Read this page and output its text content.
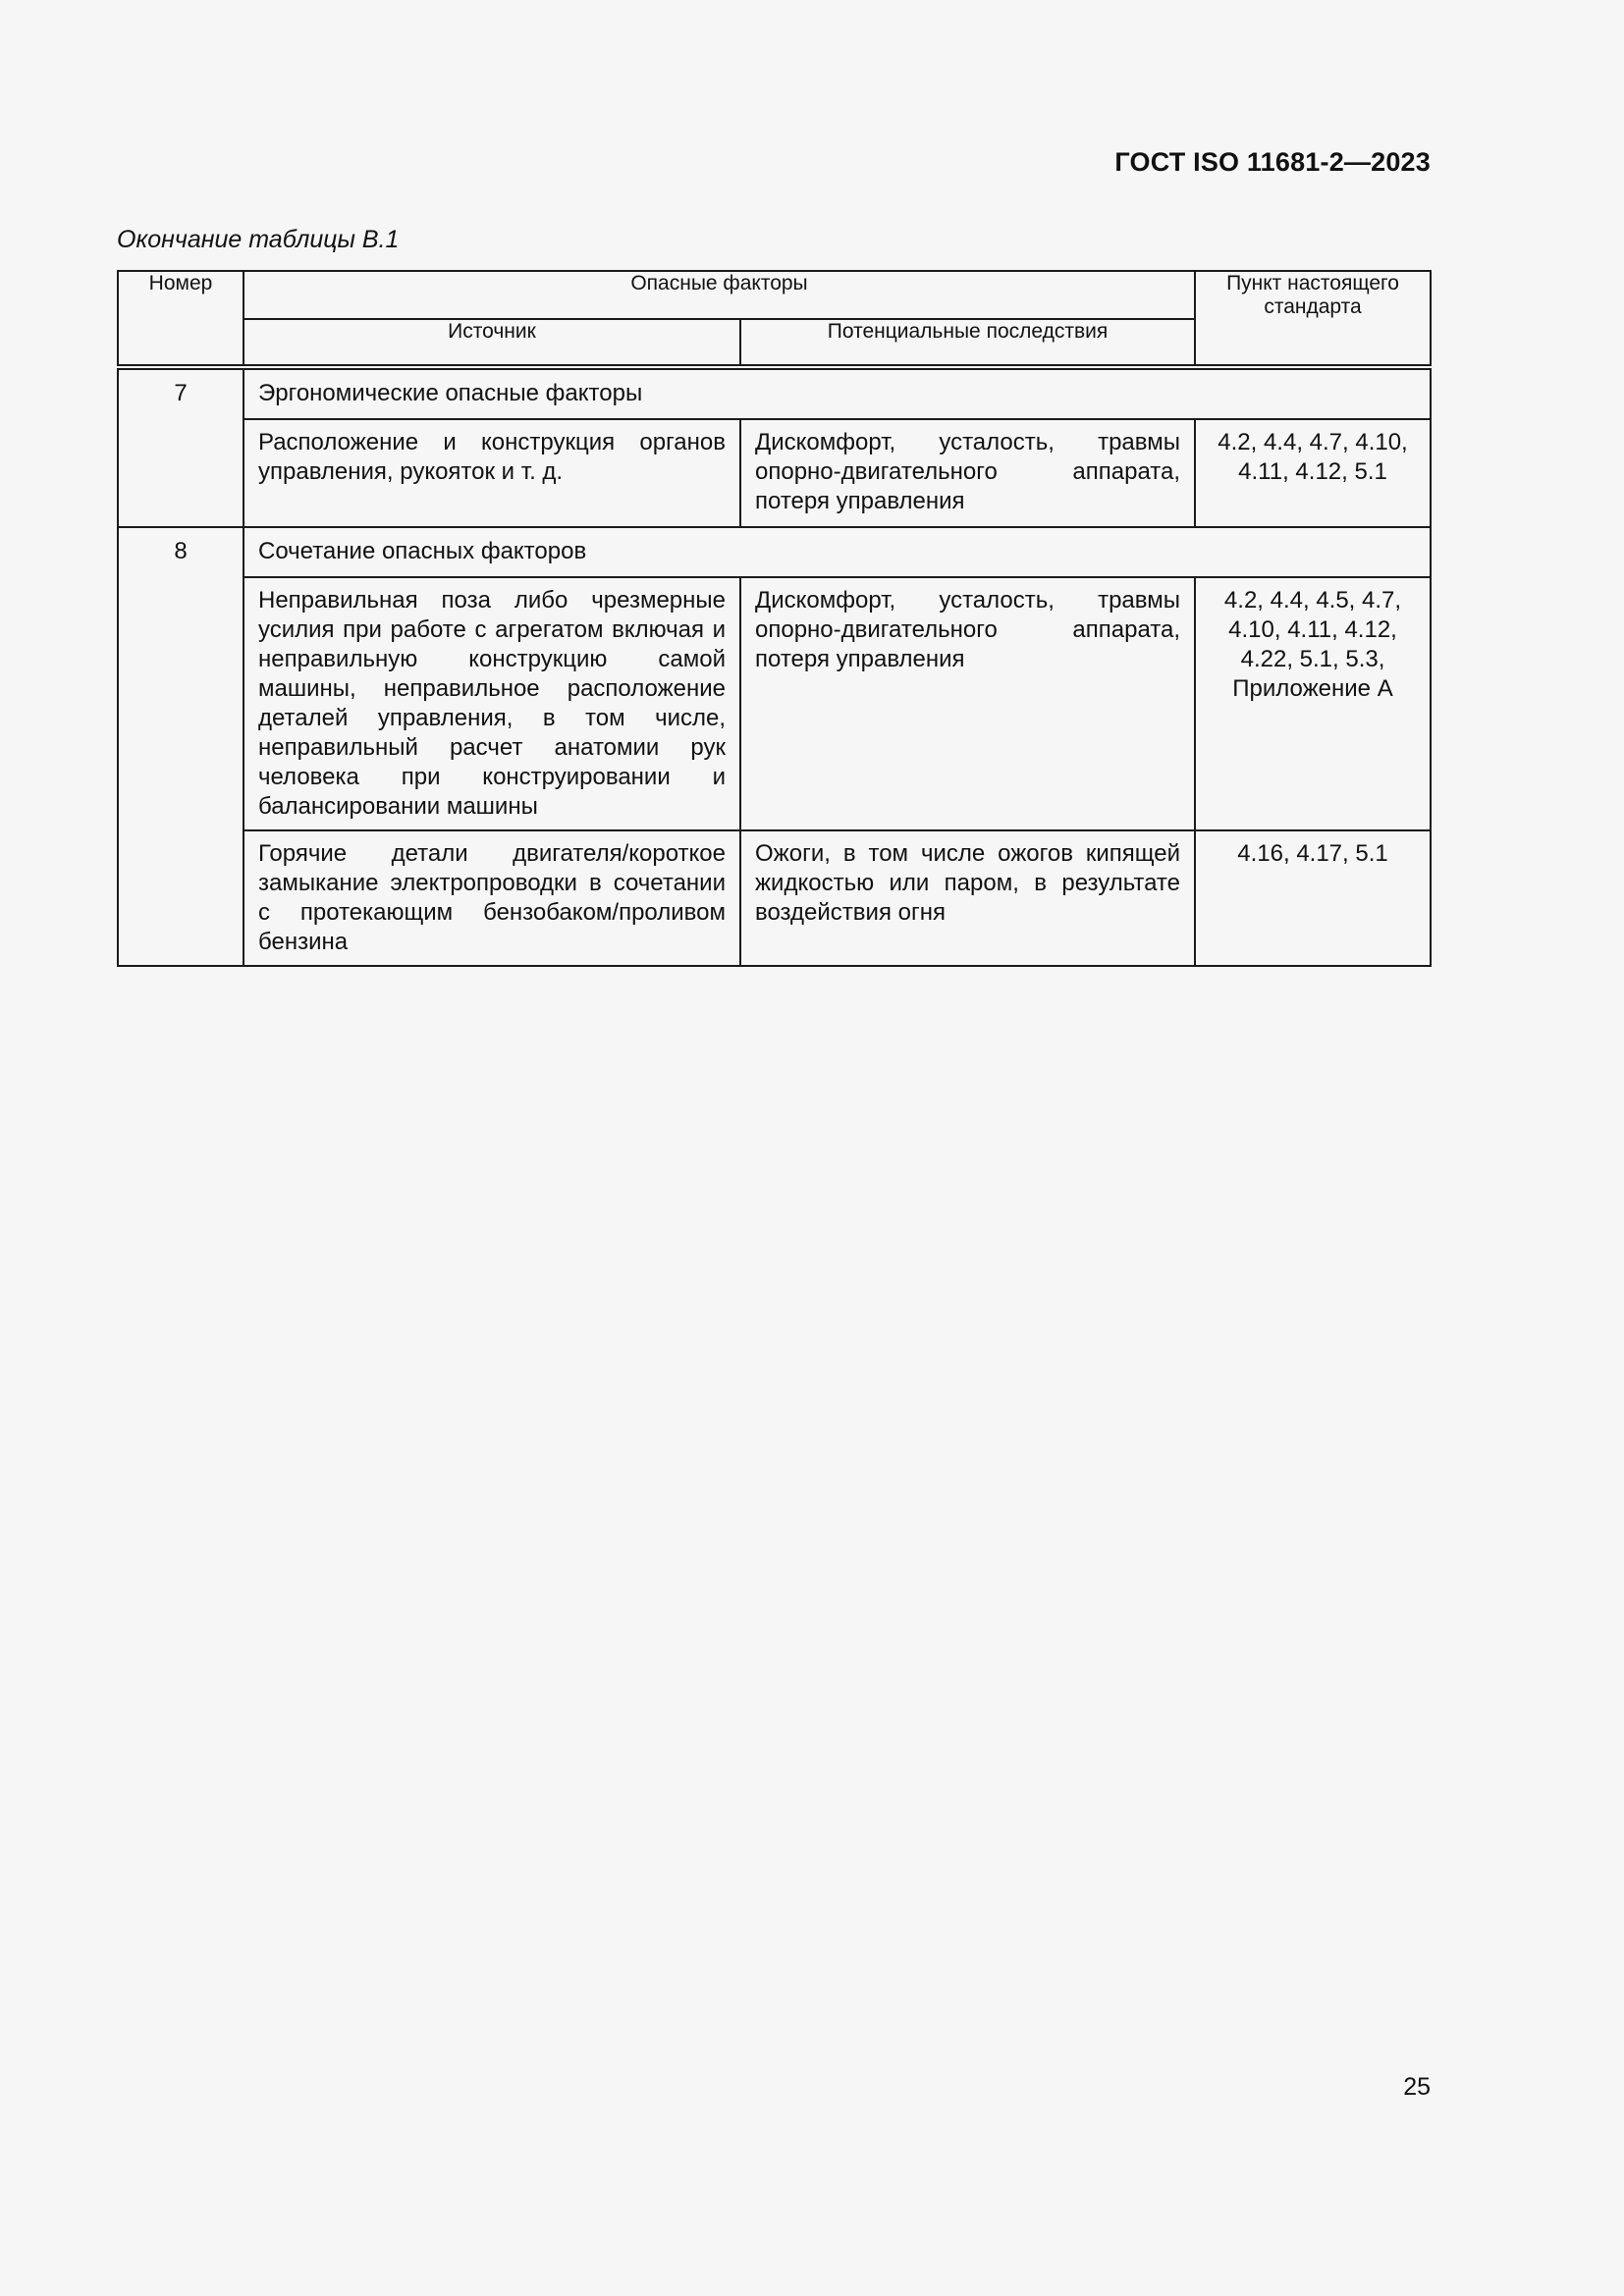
ГОСТ ISO 11681-2—2023
Окончание таблицы В.1
Номер	Опасные факторы		Пункт настоящего стандарта
	Источник	Потенциальные последствия	
7	Эргономические опасные факторы		
	Расположение и конструкция органов управления, рукояток и т. д.	Дискомфорт, усталость, травмы опорно-двигательного аппарата, потеря управления	4.2, 4.4, 4.7, 4.10, 4.11, 4.12, 5.1
8	Сочетание опасных факторов		
	Неправильная поза либо чрезмерные усилия при работе с агрегатом включая и неправильную конструкцию самой машины, неправильное расположение деталей управления, в том числе, неправильный расчет анатомии рук человека при конструировании и балансировании машины	Дискомфорт, усталость, травмы опорно-двигательного аппарата, потеря управления	4.2, 4.4, 4.5, 4.7, 4.10, 4.11, 4.12, 4.22, 5.1, 5.3, Приложение А
	Горячие детали двигателя/короткое замыкание электропроводки в сочетании с протекающим бензобаком/проливом бензина	Ожоги, в том числе ожогов кипящей жидкостью или паром, в результате воздействия огня	4.16, 4.17, 5.1
25
